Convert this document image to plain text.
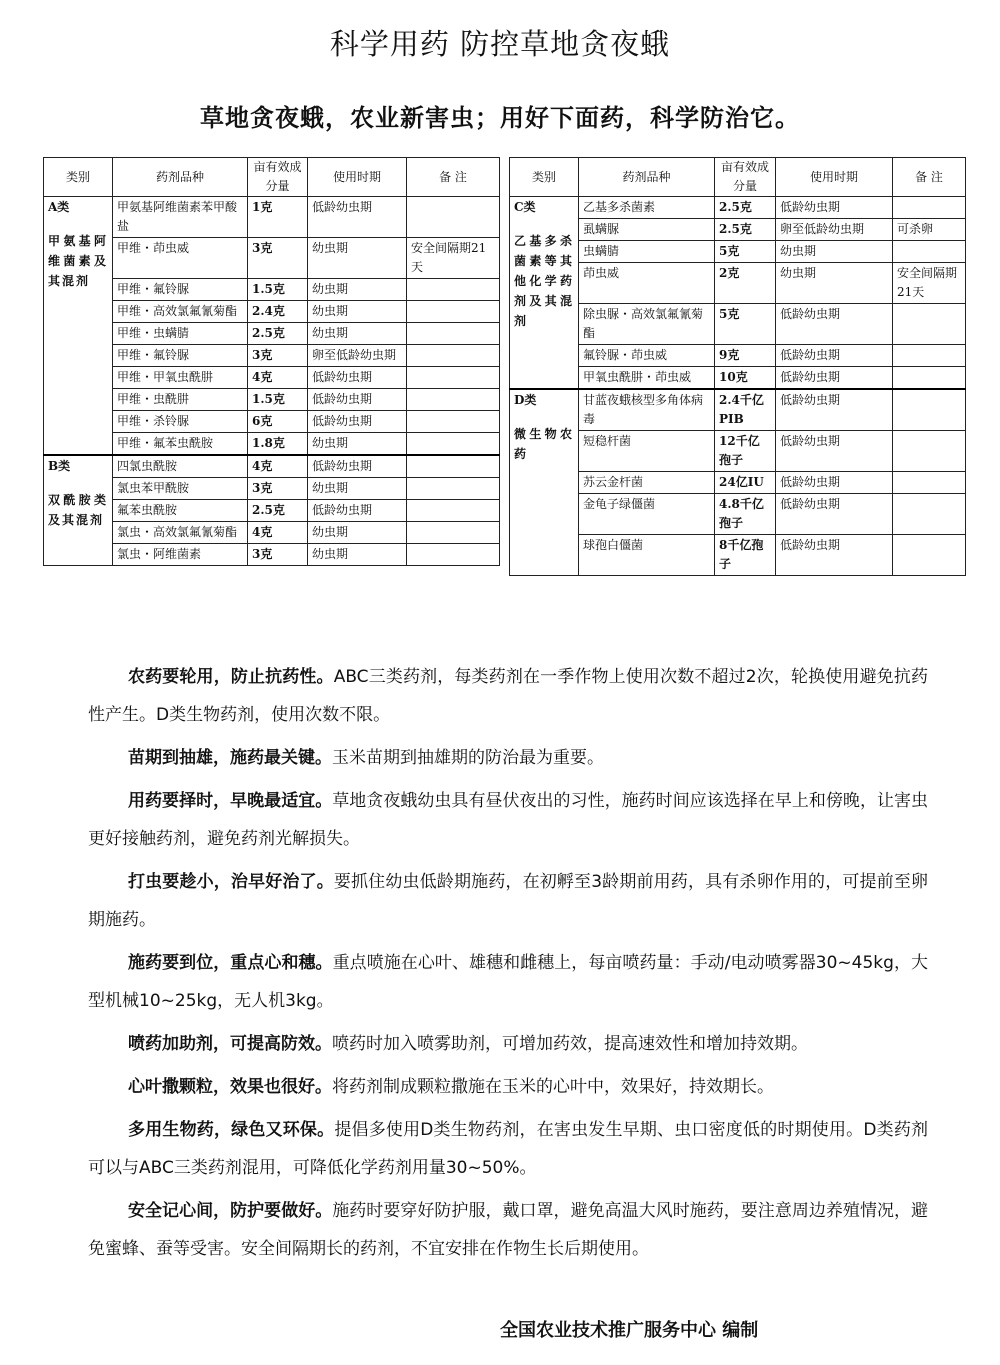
科学用药 防控草地贪夜蛾
草地贪夜蛾，农业新害虫；用好下面药，科学防治它。
类别	药剂品种	亩有效成分量	使用时期	备 注

A类
甲氨基阿维菌素及其混剂	甲氨基阿维菌素苯甲酸盐	1克	低龄幼虫期	
	甲维・茚虫威	3克	幼虫期	安全间隔期21天
	甲维・氟铃脲	1.5克	幼虫期	
	甲维・高效氯氟氰菊酯	2.4克	幼虫期	
	甲维・虫螨腈	2.5克	幼虫期	
	甲维・氟铃脲	3克	卵至低龄幼虫期	
	甲维・甲氧虫酰肼	4克	低龄幼虫期	
	甲维・虫酰肼	1.5克	低龄幼虫期	
	甲维・杀铃脲	6克	低龄幼虫期	
	甲维・氟苯虫酰胺	1.8克	幼虫期	

B类
双酰胺类及其混剂	四氯虫酰胺	4克	低龄幼虫期	
	氯虫苯甲酰胺	3克	幼虫期	
	氟苯虫酰胺	2.5克	低龄幼虫期	
	氯虫・高效氯氟氰菊酯	4克	幼虫期	
	氯虫・阿维菌素	3克	幼虫期	
类别	药剂品种	亩有效成分量	使用时期	备 注

C类
乙基多杀菌素等其他化学药剂及其混剂	乙基多杀菌素	2.5克	低龄幼虫期	
	虱螨脲	2.5克	卵至低龄幼虫期	可杀卵
	虫螨腈	5克	幼虫期	
	茚虫威	2克	幼虫期	安全间隔期21天
	除虫脲・高效氯氟氰菊酯	5克	低龄幼虫期	
	氟铃脲・茚虫威	9克	低龄幼虫期	
	甲氧虫酰肼・茚虫威	10克	低龄幼虫期	

D类
微生物农药	甘蓝夜蛾核型多角体病毒	2.4千亿PIB	低龄幼虫期	
	短稳杆菌	12千亿孢子	低龄幼虫期	
	苏云金杆菌	24亿IU	低龄幼虫期	
	金龟子绿僵菌	4.8千亿孢子	低龄幼虫期	
	球孢白僵菌	8千亿孢子	低龄幼虫期	

农药要轮用，防止抗药性。ABC三类药剂，每类药剂在一季作物上使用次数不超过2次，轮换使用避免抗药性产生。D类生物药剂，使用次数不限。

苗期到抽雄，施药最关键。玉米苗期到抽雄期的防治最为重要。

用药要择时，早晚最适宜。草地贪夜蛾幼虫具有昼伏夜出的习性，施药时间应该选择在早上和傍晚，让害虫更好接触药剂，避免药剂光解损失。

打虫要趁小，治早好治了。要抓住幼虫低龄期施药，在初孵至3龄期前用药，具有杀卵作用的，可提前至卵期施药。

施药要到位，重点心和穗。重点喷施在心叶、雄穗和雌穗上，每亩喷药量：手动/电动喷雾器30~45kg，大型机械10~25kg，无人机3kg。

喷药加助剂，可提高防效。喷药时加入喷雾助剂，可增加药效，提高速效性和增加持效期。

心叶撒颗粒，效果也很好。将药剂制成颗粒撒施在玉米的心叶中，效果好，持效期长。

多用生物药，绿色又环保。提倡多使用D类生物药剂，在害虫发生早期、虫口密度低的时期使用。D类药剂可以与ABC三类药剂混用，可降低化学药剂用量30~50%。

安全记心间，防护要做好。施药时要穿好防护服，戴口罩，避免高温大风时施药，要注意周边养殖情况，避免蜜蜂、蚕等受害。安全间隔期长的药剂，不宜安排在作物生长后期使用。

全国农业技术推广服务中心 编制
